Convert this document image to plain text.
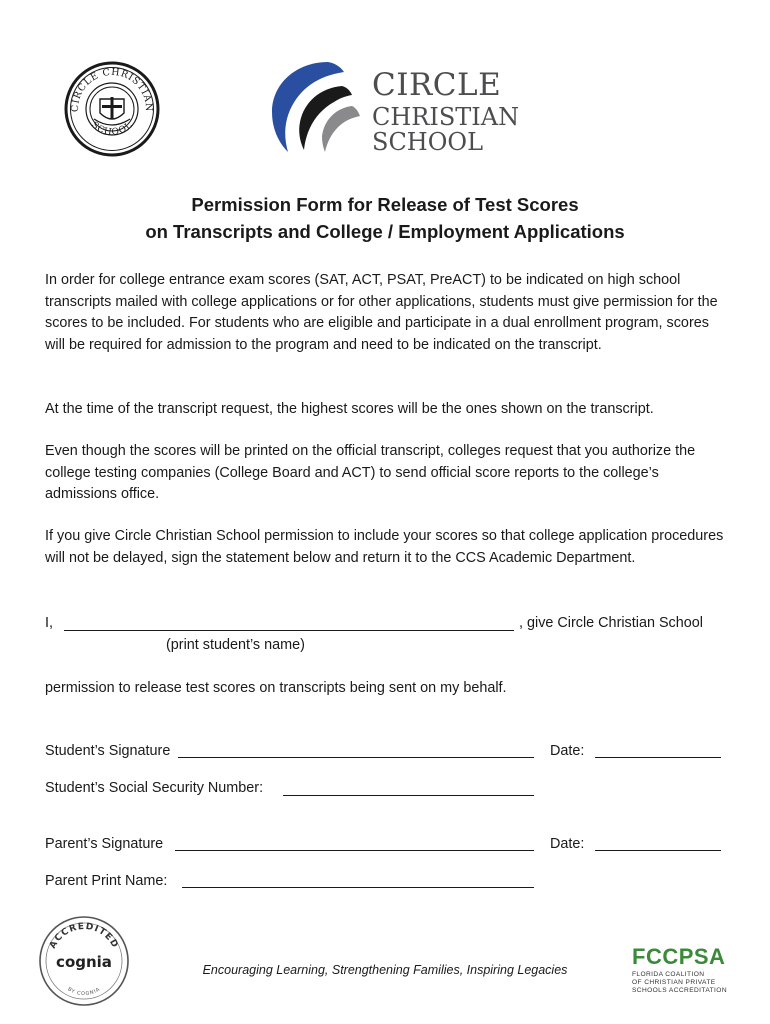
CIRCLE CHRISTIAN
SCHOOL
CIRCLE
CHRISTIAN
SCHOOL
Permission Form for Release of Test Scores
on Transcripts and College / Employment Applications

In order for college entrance exam scores (SAT, ACT, PSAT, PreACT) to be indicated on high school transcripts mailed with college applications or for other applications, students must give permission for the scores to be included. For students who are eligible and participate in a dual enrollment program, scores will be required for admission to the program and need to be indicated on the transcript.

At the time of the transcript request, the highest scores will be the ones shown on the transcript.

Even though the scores will be printed on the official transcript, colleges request that you authorize the college testing companies (College Board and ACT) to send official score reports to the college’s admissions office.

If you give Circle Christian School permission to include your scores so that college application procedures will not be delayed, sign the statement below and return it to the CCS Academic Department.

I,	, give Circle Christian School
(print student’s name)
permission to release test scores on transcripts being sent on my behalf.
Student’s Signature	Date:
Student’s Social Security Number:
Parent’s Signature	Date:
Parent Print Name:
ACCREDITED
cognia
BY COGNIA
Encouraging Learning, Strengthening Families, Inspiring Legacies
FCCPSA
FLORIDA COALITION
OF CHRISTIAN PRIVATE
SCHOOLS ACCREDITATION
